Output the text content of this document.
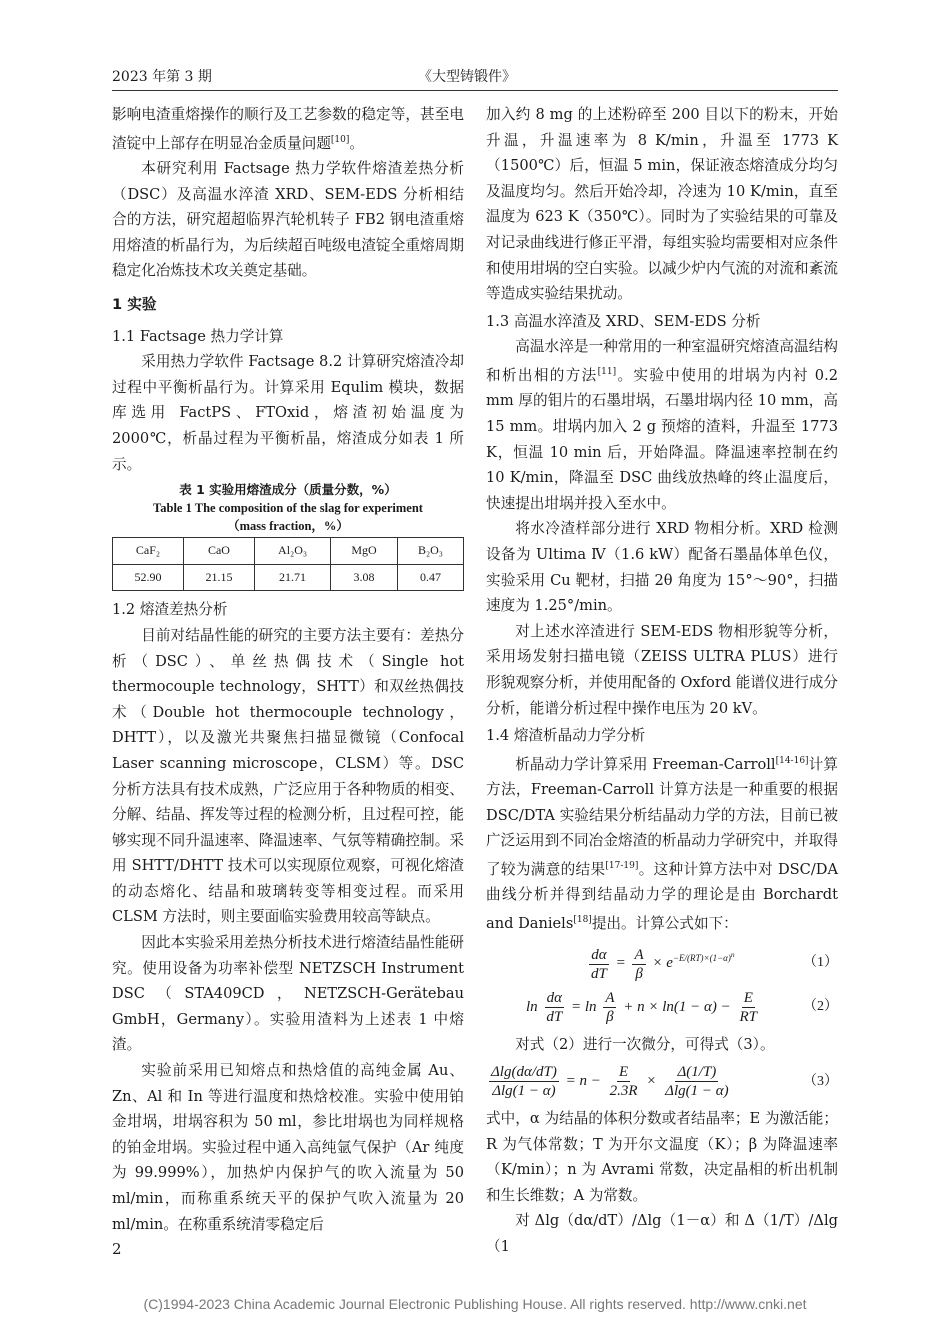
2023 年第 3 期	《大型铸锻件》

影响电渣重熔操作的顺行及工艺参数的稳定等，甚至电渣锭中上部存在明显冶金质量问题[10]。

本研究利用 Factsage 热力学软件熔渣差热分析（DSC）及高温水淬渣 XRD、SEM-EDS 分析相结合的方法，研究超超临界汽轮机转子 FB2 钢电渣重熔用熔渣的析晶行为，为后续超百吨级电渣锭全重熔周期稳定化冶炼技术攻关奠定基础。

1 实验

1.1 Factsage 热力学计算

采用热力学软件 Factsage 8.2 计算研究熔渣冷却过程中平衡析晶行为。计算采用 Equlim 模块，数据库选用 FactPS、FTOxid，熔渣初始温度为 2000℃，析晶过程为平衡析晶，熔渣成分如表 1 所示。

表 1 实验用熔渣成分（质量分数，%）
Table 1 The composition of the slag for experiment
（mass fraction，%）
CaF₂	CaO	Al₂O₃	MgO	B₂O₃
52.90	21.15	21.71	3.08	0.47

1.2 熔渣差热分析

目前对结晶性能的研究的主要方法主要有：差热分析（DSC）、单丝热偶技术（Single hot thermocouple technology，SHTT）和双丝热偶技术（Double hot thermocouple technology，DHTT），以及激光共聚焦扫描显微镜（Confocal Laser scanning microscope，CLSM）等。DSC 分析方法具有技术成熟，广泛应用于各种物质的相变、分解、结晶、挥发等过程的检测分析，且过程可控，能够实现不同升温速率、降温速率、气氛等精确控制。采用 SHTT/DHTT 技术可以实现原位观察，可视化熔渣的动态熔化、结晶和玻璃转变等相变过程。而采用 CLSM 方法时，则主要面临实验费用较高等缺点。

因此本实验采用差热分析技术进行熔渣结晶性能研究。使用设备为功率补偿型 NETZSCH Instrument DSC（STA409CD，NETZSCH-Gerätebau GmbH，Germany）。实验用渣料为上述表 1 中熔渣。

实验前采用已知熔点和热焓值的高纯金属 Au、Zn、Al 和 In 等进行温度和热焓校准。实验中使用铂金坩埚，坩埚容积为 50 ml，参比坩埚也为同样规格的铂金坩埚。实验过程中通入高纯氩气保护（Ar 纯度为 99.999%），加热炉内保护气的吹入流量为 50 ml/min，而称重系统天平的保护气吹入流量为 20 ml/min。在称重系统清零稳定后

加入约 8 mg 的上述粉碎至 200 目以下的粉末，开始升温，升温速率为 8 K/min，升温至 1773 K（1500℃）后，恒温 5 min，保证液态熔渣成分均匀及温度均匀。然后开始冷却，冷速为 10 K/min，直至温度为 623 K（350℃）。同时为了实验结果的可靠及对记录曲线进行修正平滑，每组实验均需要相对应条件和使用坩埚的空白实验。以减少炉内气流的对流和紊流等造成实验结果扰动。

1.3 高温水淬渣及 XRD、SEM-EDS 分析

高温水淬是一种常用的一种室温研究熔渣高温结构和析出相的方法[11]。实验中使用的坩埚为内衬 0.2 mm 厚的钼片的石墨坩埚，石墨坩埚内径 10 mm，高 15 mm。坩埚内加入 2 g 预熔的渣料，升温至 1773 K，恒温 10 min 后，开始降温。降温速率控制在约 10 K/min，降温至 DSC 曲线放热峰的终止温度后，快速提出坩埚并投入至水中。

将水冷渣样部分进行 XRD 物相分析。XRD 检测设备为 Ultima Ⅳ（1.6 kW）配备石墨晶体单色仪，实验采用 Cu 靶材，扫描 2θ 角度为 15°～90°，扫描速度为 1.25°/min。

对上述水淬渣进行 SEM-EDS 物相形貌等分析，采用场发射扫描电镜（ZEISS ULTRA PLUS）进行形貌观察分析，并使用配备的 Oxford 能谱仪进行成分分析，能谱分析过程中操作电压为 20 kV。

1.4 熔渣析晶动力学分析

析晶动力学计算采用 Freeman-Carroll[14-16]计算方法，Freeman-Carroll 计算方法是一种重要的根据 DSC/DTA 实验结果分析结晶动力学的方法，目前已被广泛运用到不同冶金熔渣的析晶动力学研究中，并取得了较为满意的结果[17-19]。这种计算方法中对 DSC/DA 曲线分析并得到结晶动力学的理论是由 Borchardt and Daniels[18]提出。计算公式如下：

$\frac{d\alpha}{dT} = \frac{A}{\beta} \times e^{-E/(RT)\times(1-\alpha)^n}$	（1）
$\ln \frac{d\alpha}{dT} = \ln \frac{A}{\beta} + n \times \ln(1 - \alpha) - \frac{E}{RT}$	（2）

对式（2）进行一次微分，可得式（3）。

$\frac{\Delta\lg(d\alpha/dT)}{\Delta\lg(1 - \alpha)} = n - \frac{E}{2.3R} \times \frac{\Delta(1/T)}{\Delta\lg(1 - \alpha)}$	（3）

式中，α 为结晶的体积分数或者结晶率；E 为激活能；R 为气体常数；T 为开尔文温度（K）；β 为降温速率（K/min）；n 为 Avrami 常数，决定晶相的析出机制和生长维数；A 为常数。

对 Δlg（dα/dT）/Δlg（1－α）和 Δ（1/T）/Δlg（1

2
(C)1994-2023 China Academic Journal Electronic Publishing House. All rights reserved. http://www.cnki.net
